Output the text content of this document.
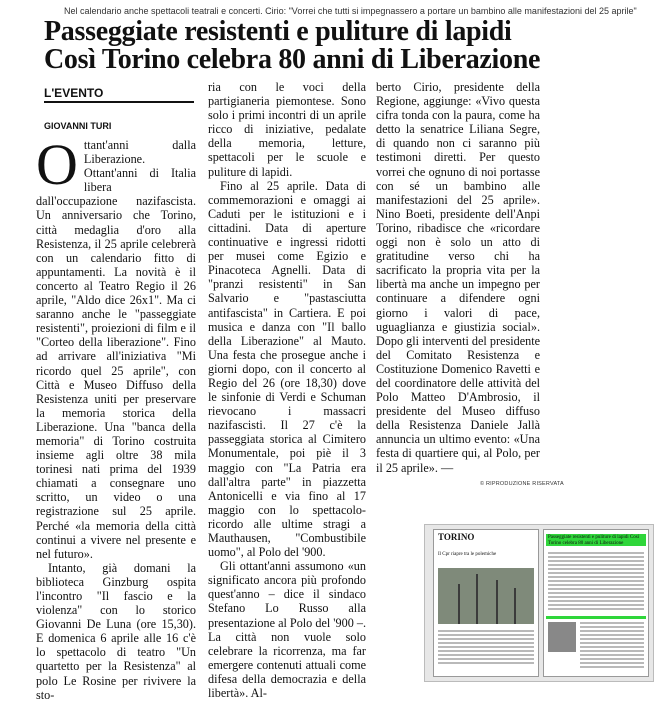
Nel calendario anche spettacoli teatrali e concerti. Cirio: "Vorrei che tutti si impegnassero a portare un bambino alle manifestazioni del 25 aprile"
Passeggiate resistenti e puliture di lapidi
Così Torino celebra 80 anni di Liberazione
L'EVENTO
GIOVANNI TURI

Ottant'anni dalla Liberazione. Ottant'anni di Italia libera dall'occupazione nazifascista. Un anniversario che Torino, città medaglia d'oro alla Resistenza, il 25 aprile celebrerà con un calendario fitto di appuntamenti. La novità è il concerto al Teatro Regio il 26 aprile, "Aldo dice 26x1". Ma ci saranno anche le "passeggiate resistenti", proiezioni di film e il "Corteo della liberazione". Fino ad arrivare all'iniziativa "Mi ricordo quel 25 aprile", con Città e Museo Diffuso della Resistenza uniti per preservare la memoria storica della Liberazione. Una "banca della memoria" di Torino costruita insieme agli oltre 38 mila torinesi nati prima del 1939 chiamati a consegnare uno scritto, un video o una registrazione sul 25 aprile. Perché «la memoria della città continui a vivere nel presente e nel futuro».

Intanto, già domani la biblioteca Ginzburg ospita l'incontro "Il fascio e la violenza" con lo storico Giovanni De Luna (ore 15,30). E domenica 6 aprile alle 16 c'è lo spettacolo di teatro "Un quartetto per la Resistenza" al polo Le Rosine per rivivere la sto-

ria con le voci della partigianeria piemontese. Sono solo i primi incontri di un aprile ricco di iniziative, pedalate della memoria, letture, spettacoli per le scuole e puliture di lapidi.

Fino al 25 aprile. Data di commemorazioni e omaggi ai Caduti per le istituzioni e i cittadini. Data di aperture continuative e ingressi ridotti per musei come Egizio e Pinacoteca Agnelli. Data di "pranzi resistenti" in San Salvario e "pastasciutta antifascista" in Cartiera. E poi musica e danza con "Il ballo della Liberazione" al Mauto. Una festa che prosegue anche i giorni dopo, con il concerto al Regio del 26 (ore 18,30) dove le sinfonie di Verdi e Schuman rievocano i massacri nazifascisti. Il 27 c'è la passeggiata storica al Cimitero Monumentale, poi piè il 3 maggio con "La Patria era dall'altra parte" in piazzetta Antonicelli e via fino al 17 maggio con lo spettacolo-ricordo alle ultime stragi a Mauthausen, "Combustibile uomo", al Polo del '900.

Gli ottant'anni assumono «un significato ancora più profondo quest'anno – dice il sindaco Stefano Lo Russo alla presentazione al Polo del '900 –. La città non vuole solo celebrare la ricorrenza, ma far emergere contenuti attuali come difesa della democrazia e della libertà». Al-

berto Cirio, presidente della Regione, aggiunge: «Vivo questa cifra tonda con la paura, come ha detto la senatrice Liliana Segre, di quando non ci saranno più testimoni diretti. Per questo vorrei che ognuno di noi portasse con sé un bambino alle manifestazioni del 25 aprile». Nino Boeti, presidente dell'Anpi Torino, ribadisce che «ricordare oggi non è solo un atto di gratitudine verso chi ha sacrificato la propria vita per la libertà ma anche un impegno per continuare a difendere ogni giorno i valori di pace, uguaglianza e giustizia social». Dopo gli interventi del presidente del Comitato Resistenza e Costituzione Domenico Ravetti e del coordinatore delle attività del Polo Matteo D'Ambrosio, il presidente del Museo diffuso della Resistenza Daniele Jallà annuncia un ultimo evento: «Una festa di quartiere qui, al Polo, per il 25 aprile». —

© RIPRODUZIONE RISERVATA
TORINO
Il Cpr riapre tra le polemiche
Passeggiate resistenti e puliture di lapidi Così Torino celebra 80 anni di Liberazione
